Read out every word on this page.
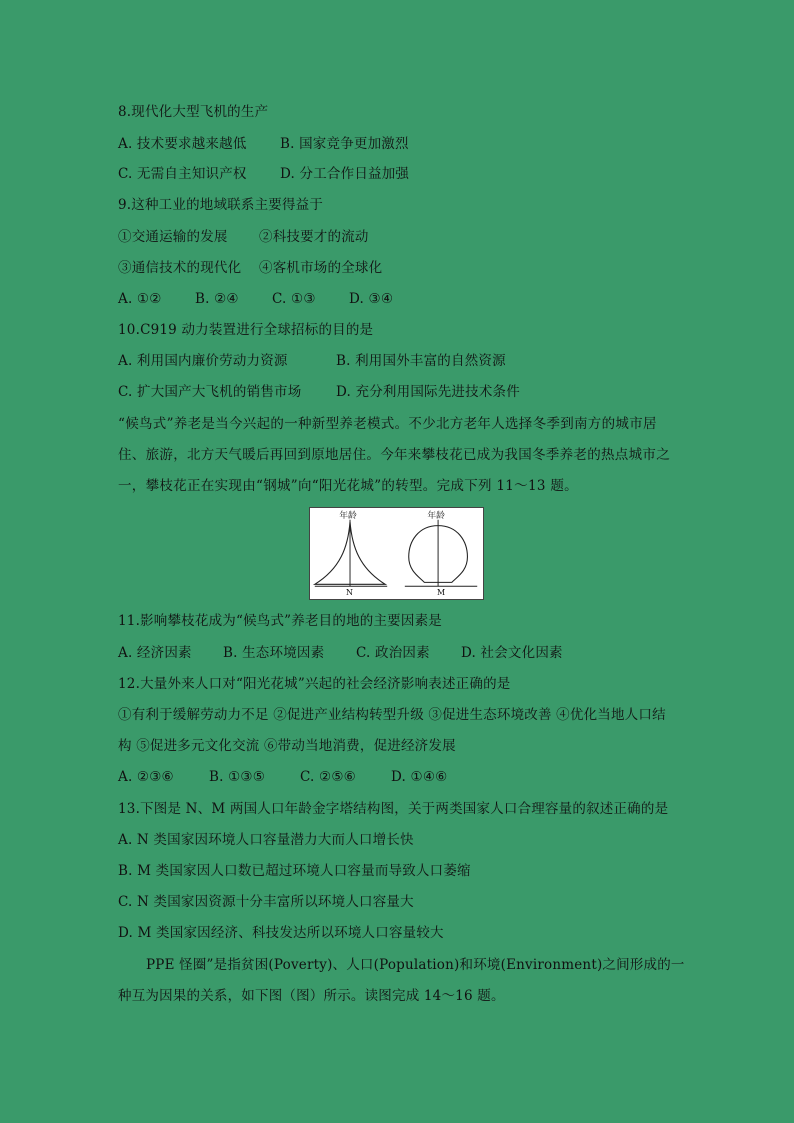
8.现代化大型飞机的生产
A. 技术要求越来越低 B. 国家竞争更加激烈
C. 无需自主知识产权 D. 分工合作日益加强
9.这种工业的地域联系主要得益于
①交通运输的发展 ②科技要才的流动
③通信技术的现代化 ④客机市场的全球化
A. ①② B. ②④ C. ①③ D. ③④
10.C919 动力装置进行全球招标的目的是
A. 利用国内廉价劳动力资源	B. 利用国外丰富的自然资源
C. 扩大国产大飞机的销售市场	D. 充分利用国际先进技术条件
“候鸟式”养老是当今兴起的一种新型养老模式。不少北方老年人选择冬季到南方的城市居住、旅游，北方天气暖后再回到原地居住。今年来攀枝花已成为我国冬季养老的热点城市之一，攀枝花正在实现由“钢城”向“阳光花城”的转型。完成下列 11～13 题。
年龄	年龄
N	M
11.影响攀枝花成为“候鸟式”养老目的地的主要因素是
A. 经济因素 B. 生态环境因素 C. 政治因素 D. 社会文化因素
12.大量外来人口对“阳光花城”兴起的社会经济影响表述正确的是
①有利于缓解劳动力不足 ②促进产业结构转型升级 ③促进生态环境改善 ④优化当地人口结
构 ⑤促进多元文化交流 ⑥带动当地消费，促进经济发展
A. ②③⑥	B. ①③⑤	C. ②⑤⑥	D. ①④⑥
13.下图是 N、M 两国人口年龄金字塔结构图，关于两类国家人口合理容量的叙述正确的是
A. N 类国家因环境人口容量潜力大而人口增长快
B. M 类国家因人口数已超过环境人口容量而导致人口萎缩
C. N 类国家因资源十分丰富所以环境人口容量大
D. M 类国家因经济、科技发达所以环境人口容量较大
PPE 怪圈”是指贫困(Poverty)、人口(Population)和环境(Environment)之间形成的一
种互为因果的关系，如下图（图）所示。读图完成 14～16 题。
